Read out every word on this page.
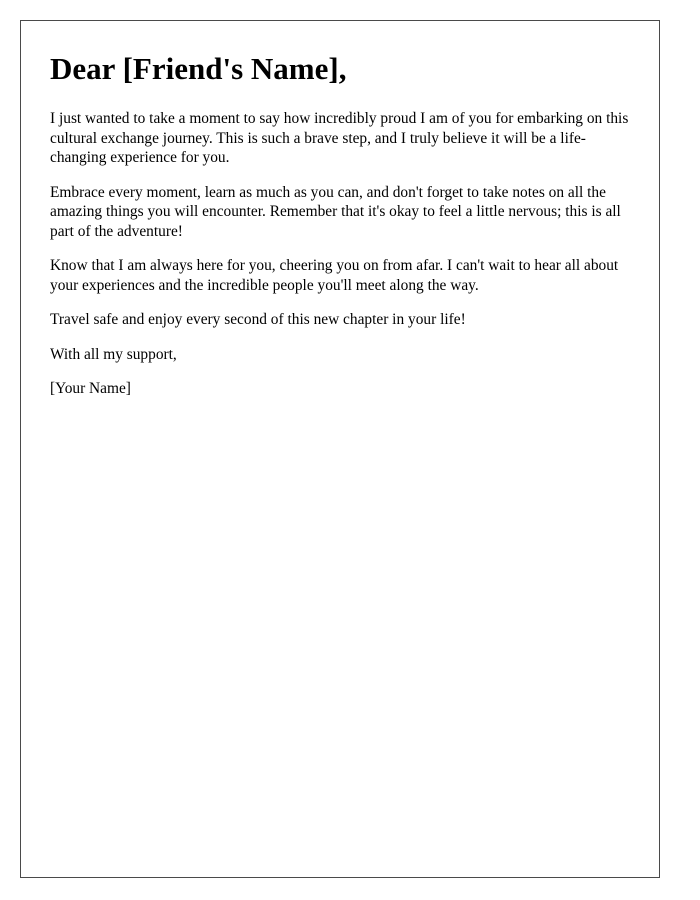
Dear [Friend's Name],

I just wanted to take a moment to say how incredibly proud I am of you for embarking on this cultural exchange journey. This is such a brave step, and I truly believe it will be a life-changing experience for you.

Embrace every moment, learn as much as you can, and don't forget to take notes on all the amazing things you will encounter. Remember that it's okay to feel a little nervous; this is all part of the adventure!

Know that I am always here for you, cheering you on from afar. I can't wait to hear all about your experiences and the incredible people you'll meet along the way.

Travel safe and enjoy every second of this new chapter in your life!

With all my support,

[Your Name]
